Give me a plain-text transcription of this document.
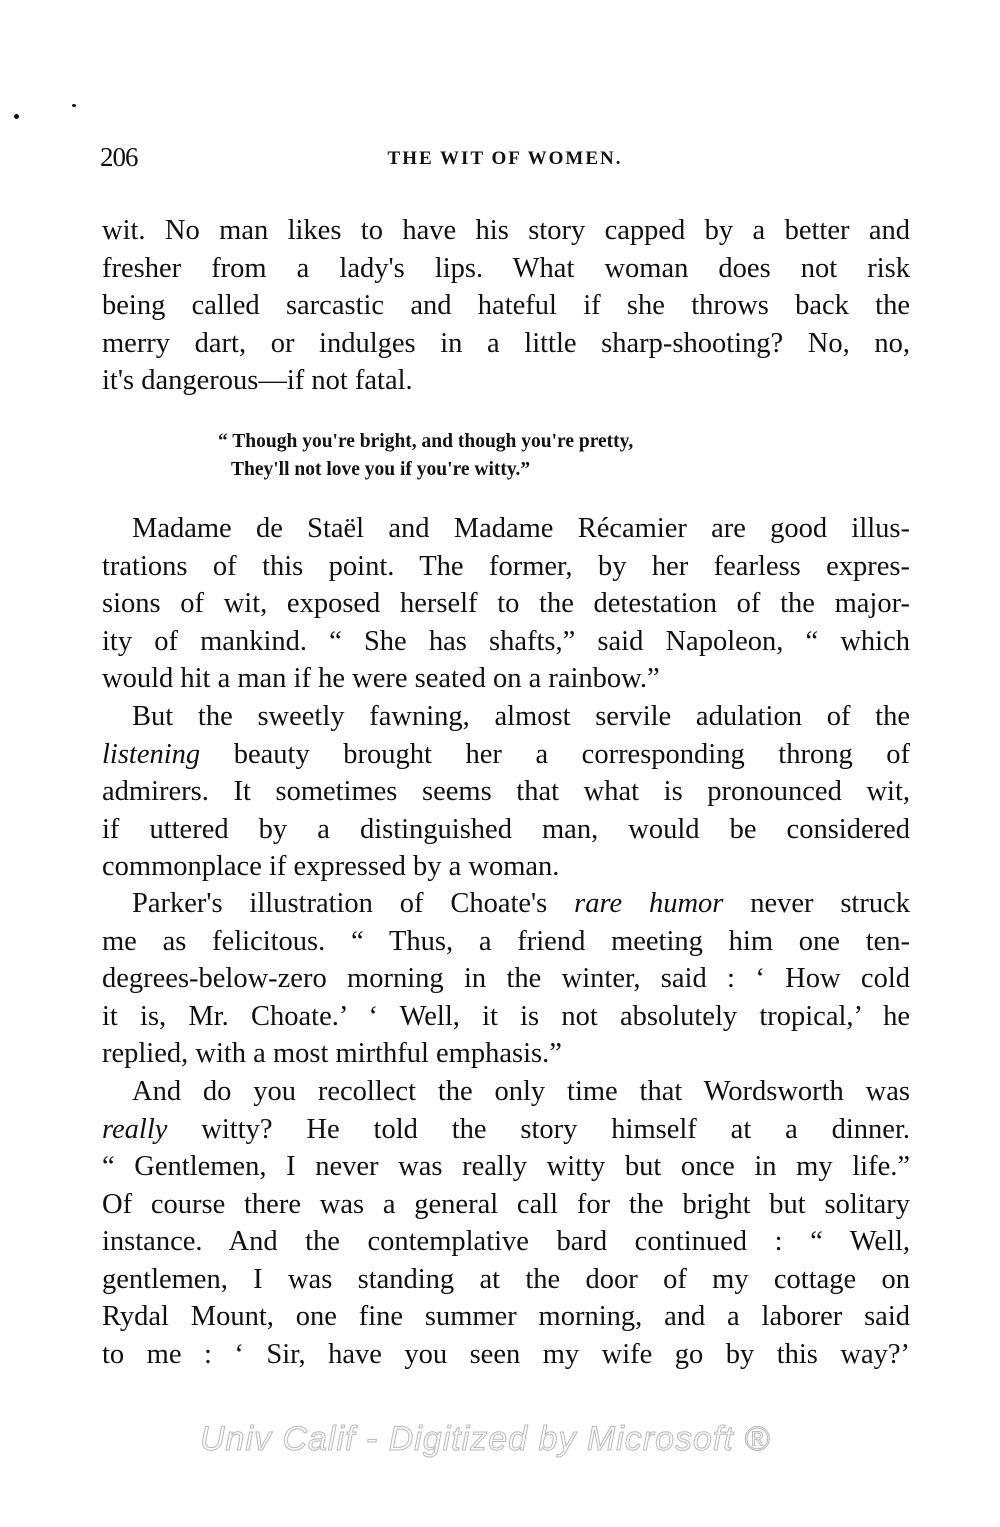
206	THE WIT OF WOMEN.
wit. No man likes to have his story capped by a better and
fresher from a lady's lips. What woman does not risk
being called sarcastic and hateful if she throws back the
merry dart, or indulges in a little sharp-shooting? No, no,
it's dangerous—if not fatal.
“ Though you're bright, and though you're pretty,
They'll not love you if you're witty.”
Madame de Staël and Madame Récamier are good illus-
trations of this point. The former, by her fearless expres-
sions of wit, exposed herself to the detestation of the major-
ity of mankind. “ She has shafts,” said Napoleon, “ which
would hit a man if he were seated on a rainbow.”
But the sweetly fawning, almost servile adulation of the
listening beauty brought her a corresponding throng of
admirers. It sometimes seems that what is pronounced wit,
if uttered by a distinguished man, would be considered
commonplace if expressed by a woman.
Parker's illustration of Choate's rare humor never struck
me as felicitous. “ Thus, a friend meeting him one ten-
degrees-below-zero morning in the winter, said : ‘ How cold
it is, Mr. Choate.’ ‘ Well, it is not absolutely tropical,’ he
replied, with a most mirthful emphasis.”
And do you recollect the only time that Wordsworth was
really witty? He told the story himself at a dinner.
“ Gentlemen, I never was really witty but once in my life.”
Of course there was a general call for the bright but solitary
instance. And the contemplative bard continued : “ Well,
gentlemen, I was standing at the door of my cottage on
Rydal Mount, one fine summer morning, and a laborer said
to me : ‘ Sir, have you seen my wife go by this way?’
Univ Calif - Digitized by Microsoft ®
